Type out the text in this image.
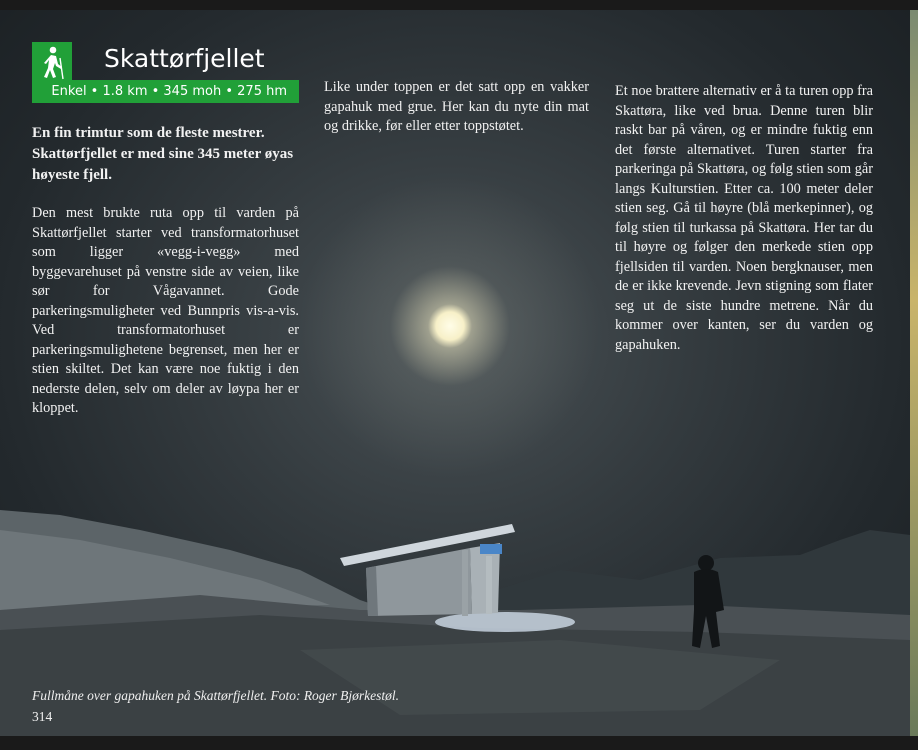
Skattørfjellet
Enkel • 1.8 km • 345 moh • 275 hm

En fin trimtur som de fleste mestrer. Skattørfjellet er med sine 345 meter øyas høyeste fjell.

Den mest brukte ruta opp til varden på Skattørfjellet starter ved transformatorhuset som ligger «vegg-i-vegg» med byggevarehuset på venstre side av veien, like sør for Vågavannet. Gode parkeringsmuligheter ved Bunnpris vis-a-vis. Ved transformatorhuset er parkeringsmulighetene begrenset, men her er stien skiltet. Det kan være noe fuktig i den nederste delen, selv om deler av løypa her er kloppet.

Like under toppen er det satt opp en vakker gapahuk med grue. Her kan du nyte din mat og drikke, før eller etter toppstøtet.

Et noe brattere alternativ er å ta turen opp fra Skattøra, like ved brua. Denne turen blir raskt bar på våren, og er mindre fuktig enn det første alternativet. Turen starter fra parkeringa på Skattøra, og følg stien som går langs Kulturstien. Etter ca. 100 meter deler stien seg. Gå til høyre (blå merkepinner), og følg stien til turkassa på Skattøra. Her tar du til høyre og følger den merkede stien opp fjellsiden til varden. Noen bergknauser, men de er ikke krevende. Jevn stigning som flater seg ut de siste hundre metrene. Når du kommer over kanten, ser du varden og gapahuken.

Fullmåne over gapahuken på Skattørfjellet. Foto: Roger Bjørkestøl.
314
